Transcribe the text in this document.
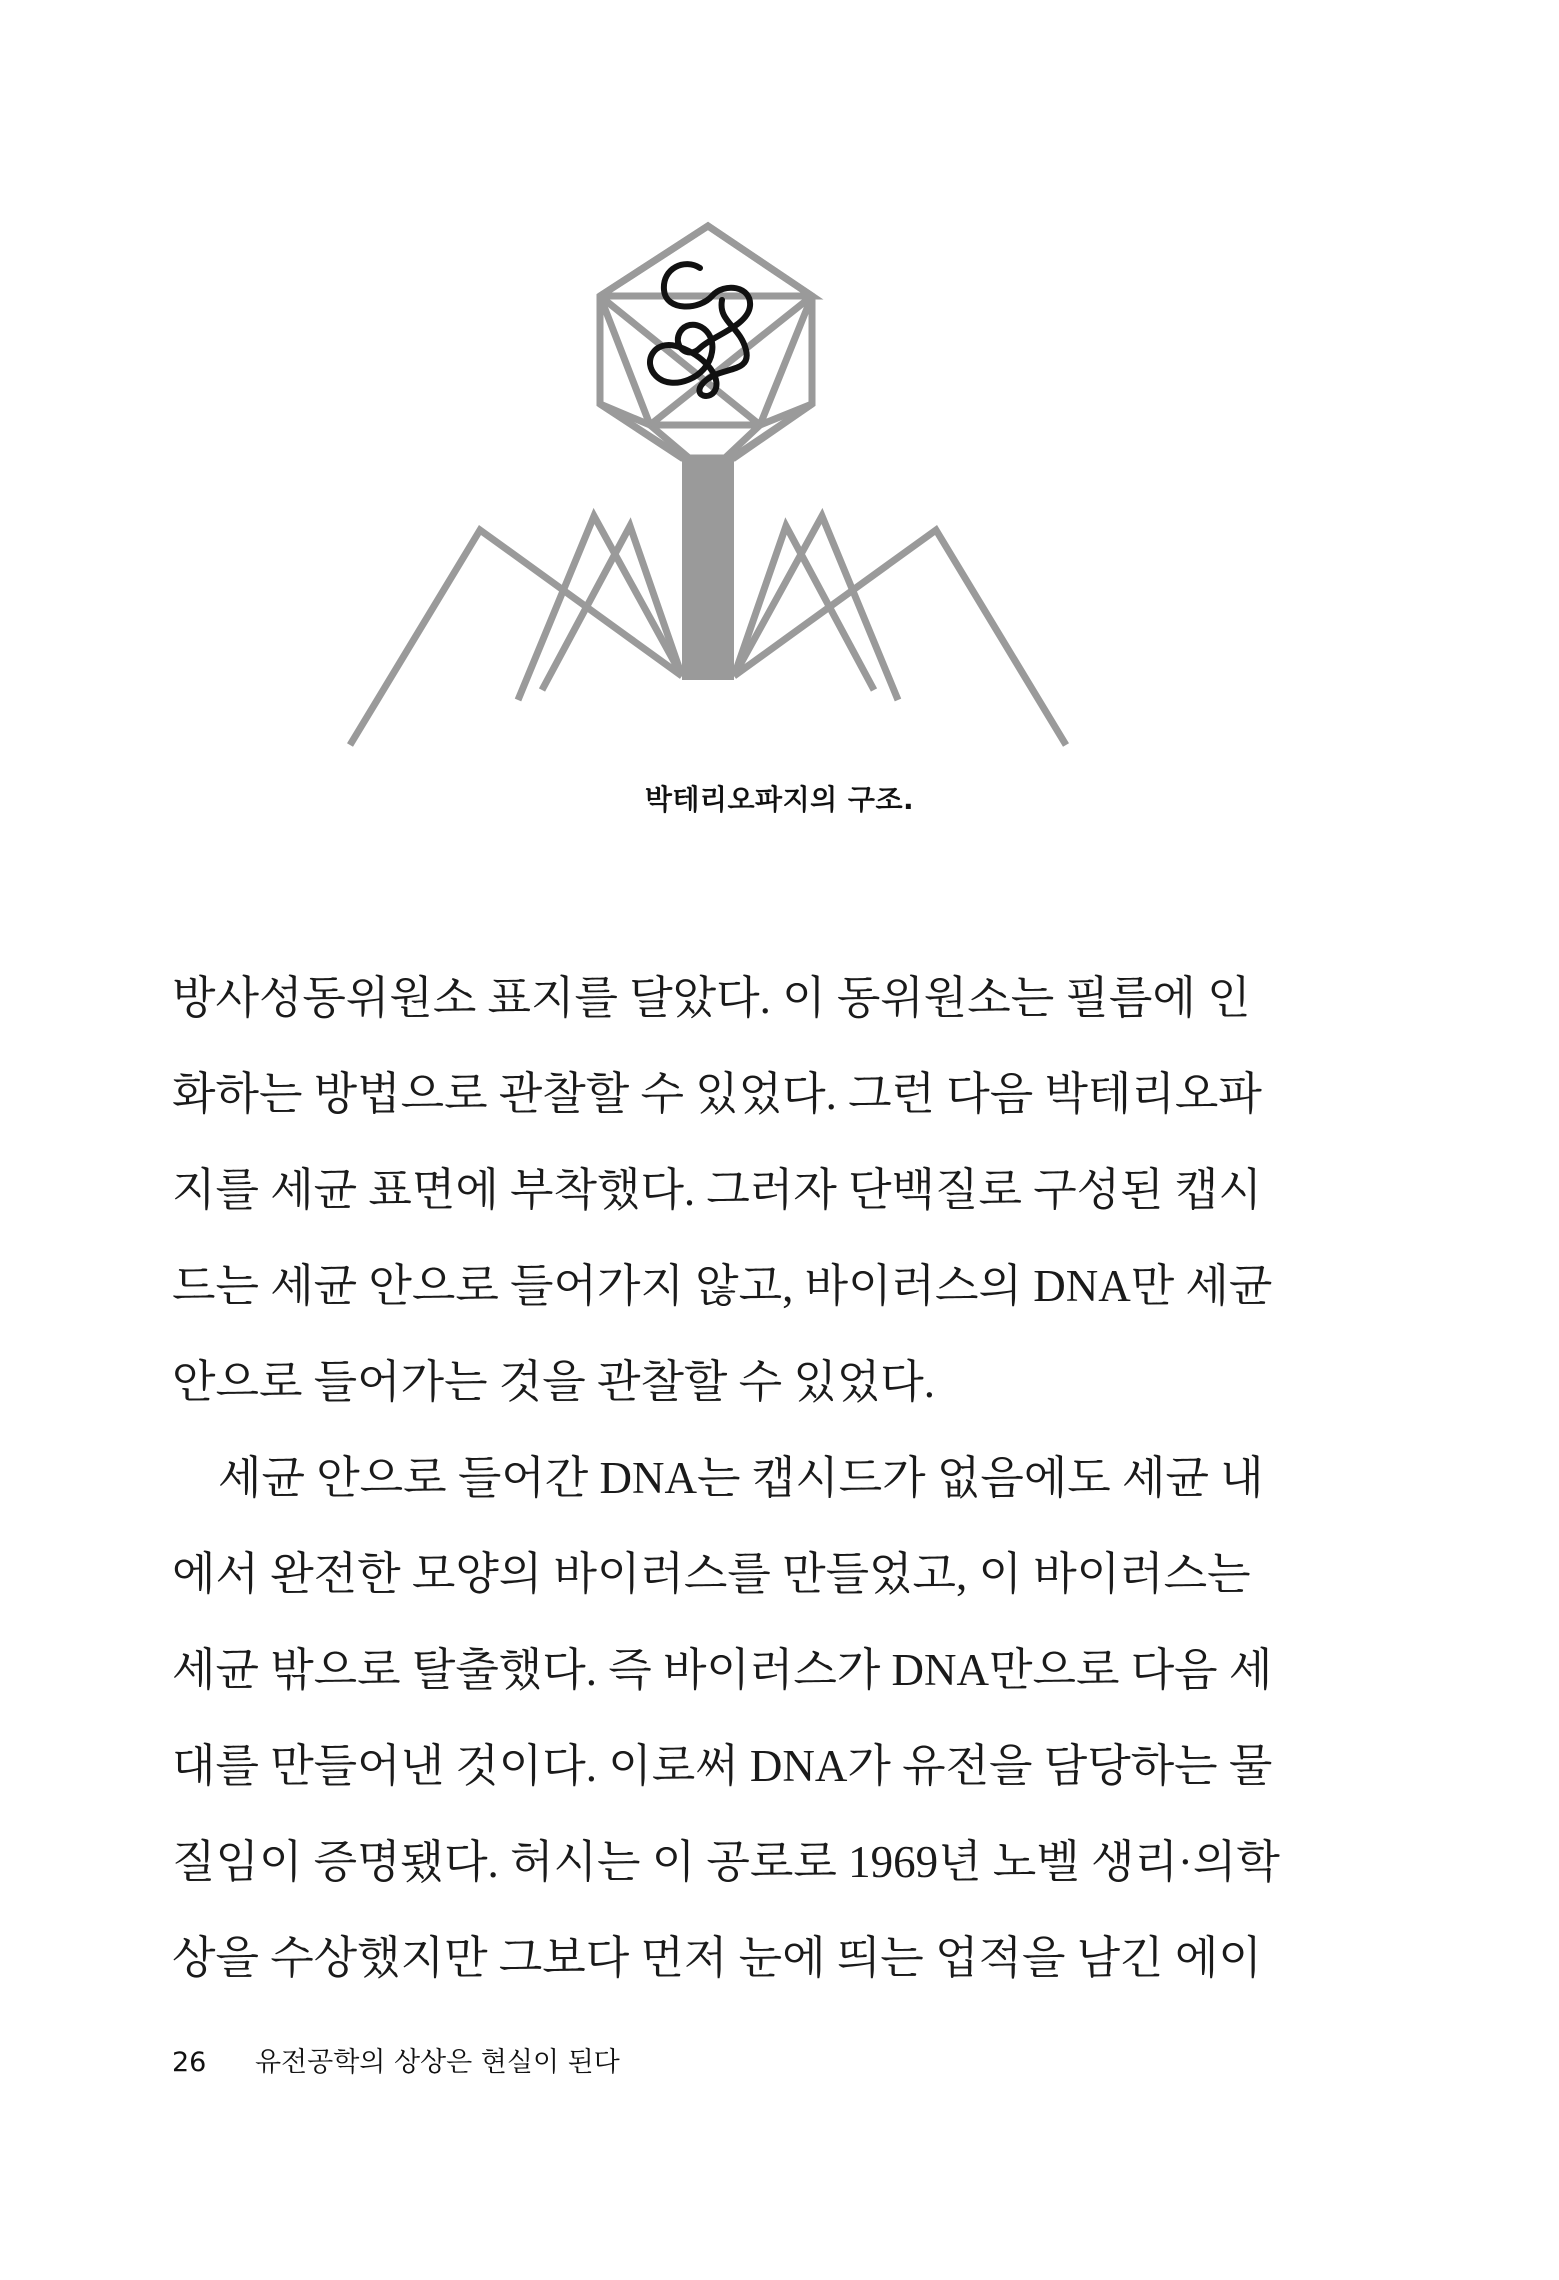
박테리오파지의 구조.
방사성동위원소 표지를 달았다. 이 동위원소는 필름에 인
화하는 방법으로 관찰할 수 있었다. 그런 다음 박테리오파
지를 세균 표면에 부착했다. 그러자 단백질로 구성된 캡시
드는 세균 안으로 들어가지 않고, 바이러스의 DNA만 세균
안으로 들어가는 것을 관찰할 수 있었다.
세균 안으로 들어간 DNA는 캡시드가 없음에도 세균 내
에서 완전한 모양의 바이러스를 만들었고, 이 바이러스는
세균 밖으로 탈출했다. 즉 바이러스가 DNA만으로 다음 세
대를 만들어낸 것이다. 이로써 DNA가 유전을 담당하는 물
질임이 증명됐다. 허시는 이 공로로 1969년 노벨 생리·의학
상을 수상했지만 그보다 먼저 눈에 띄는 업적을 남긴 에이
26 유전공학의 상상은 현실이 된다
